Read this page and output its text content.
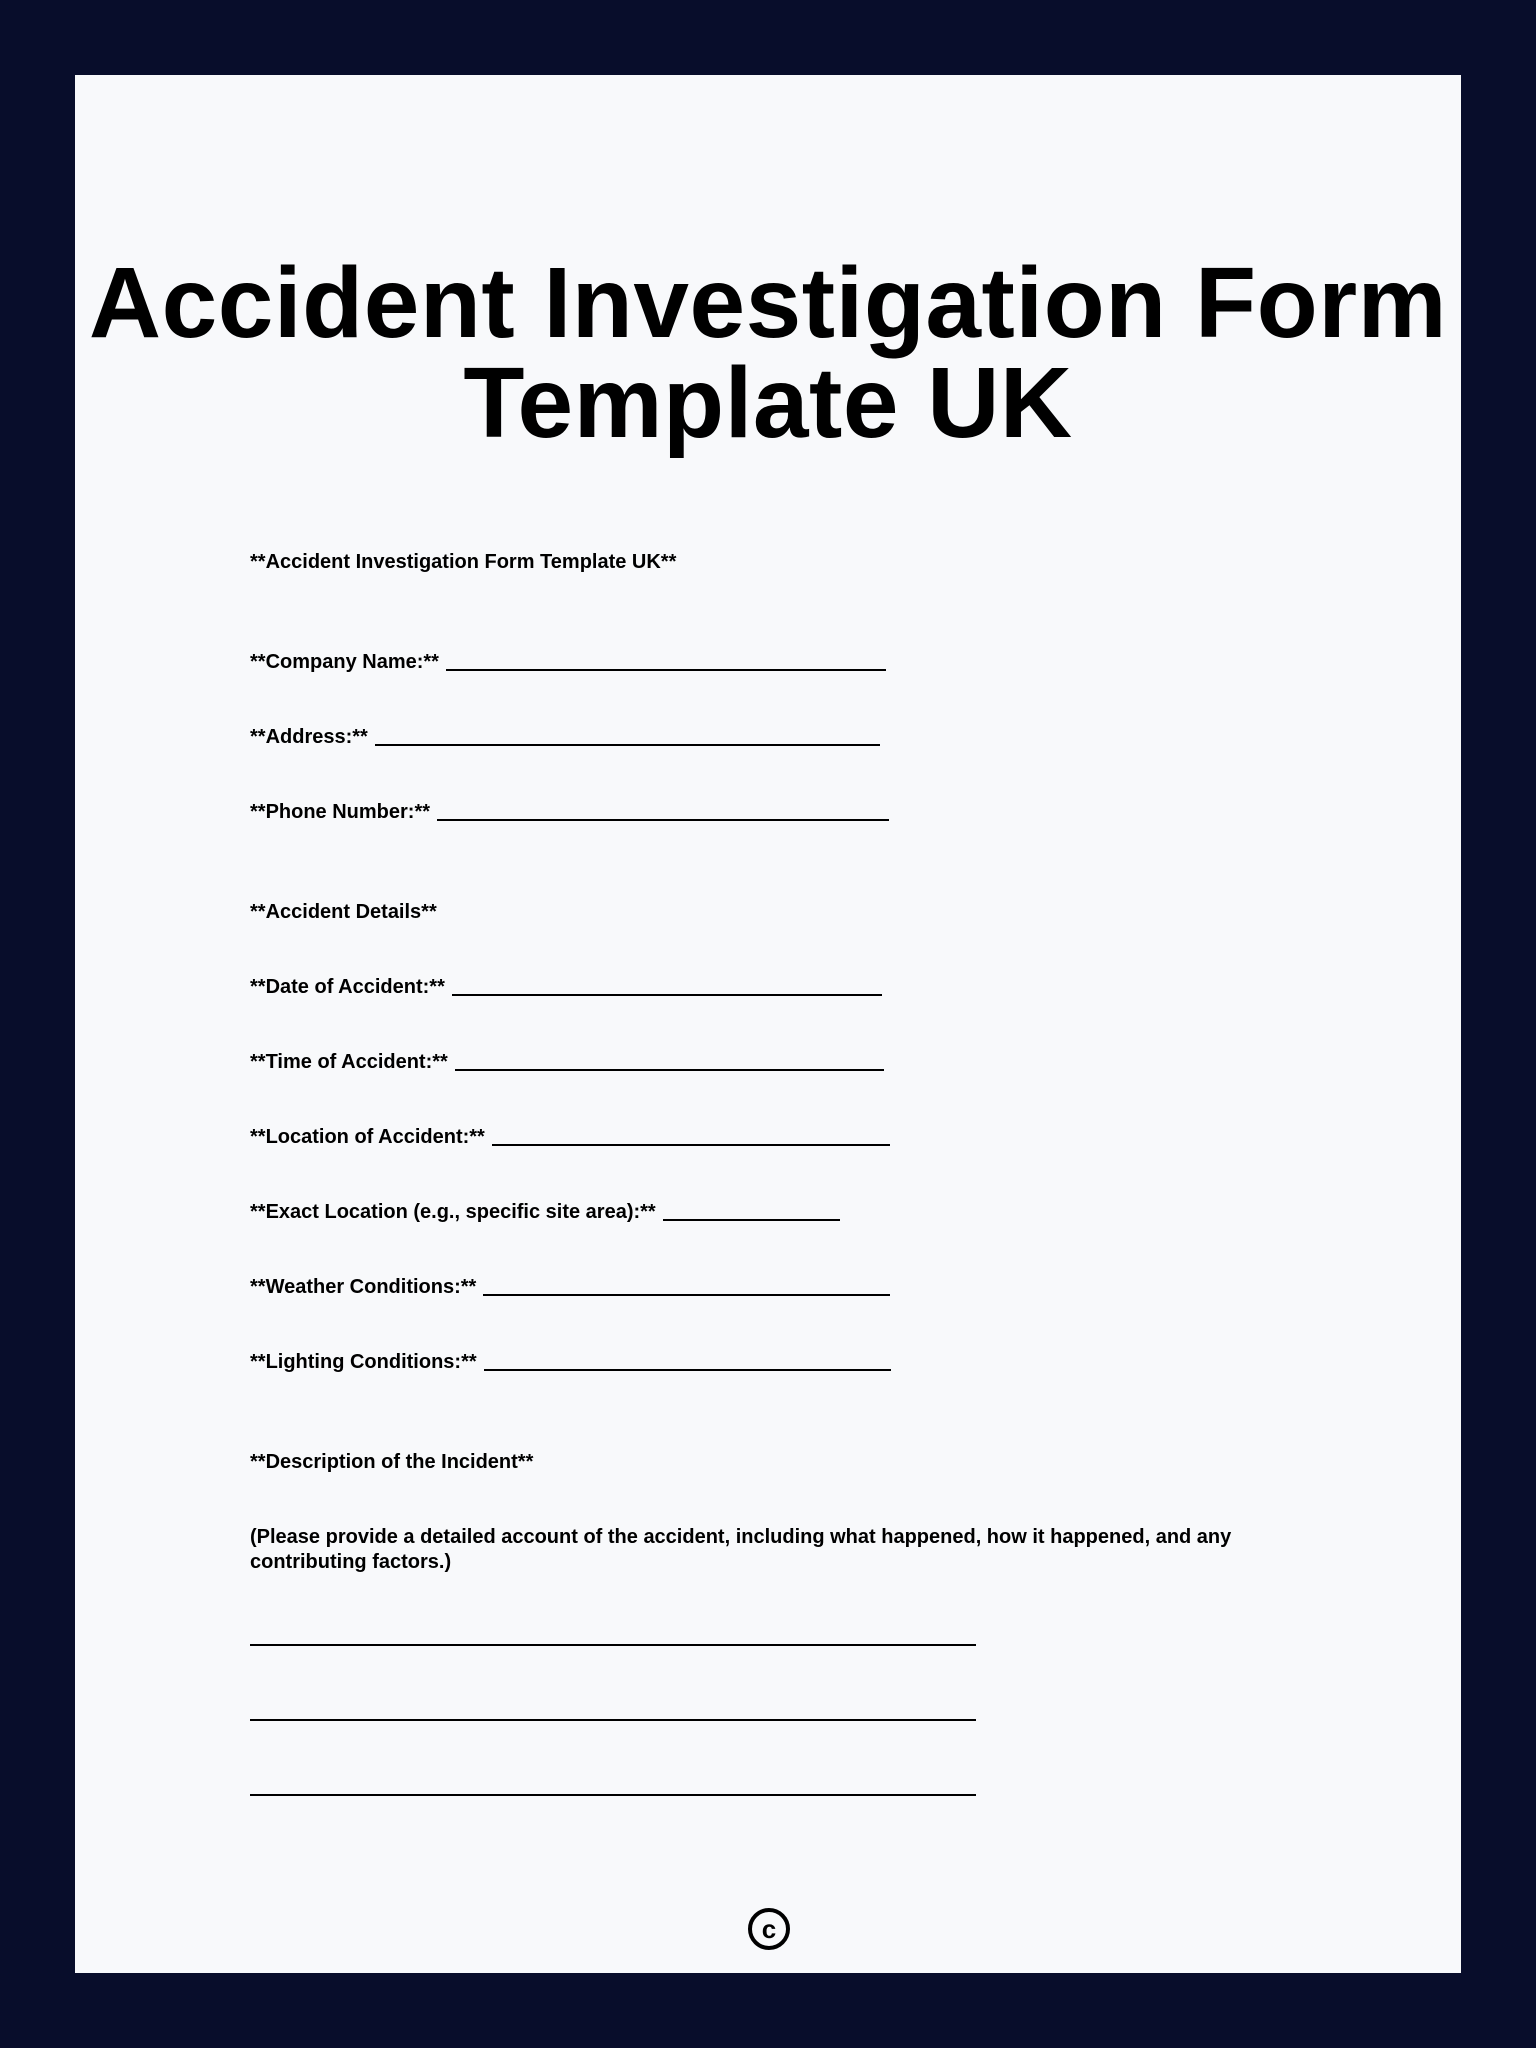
Accident Investigation Form
Template UK
**Accident Investigation Form Template UK**
**Company Name:**
**Address:**
**Phone Number:**
**Accident Details**
**Date of Accident:**
**Time of Accident:**
**Location of Accident:**
**Exact Location (e.g., specific site area):**
**Weather Conditions:**
**Lighting Conditions:**
**Description of the Incident**
(Please provide a detailed account of the accident, including what happened, how it happened, and any contributing factors.)
c
